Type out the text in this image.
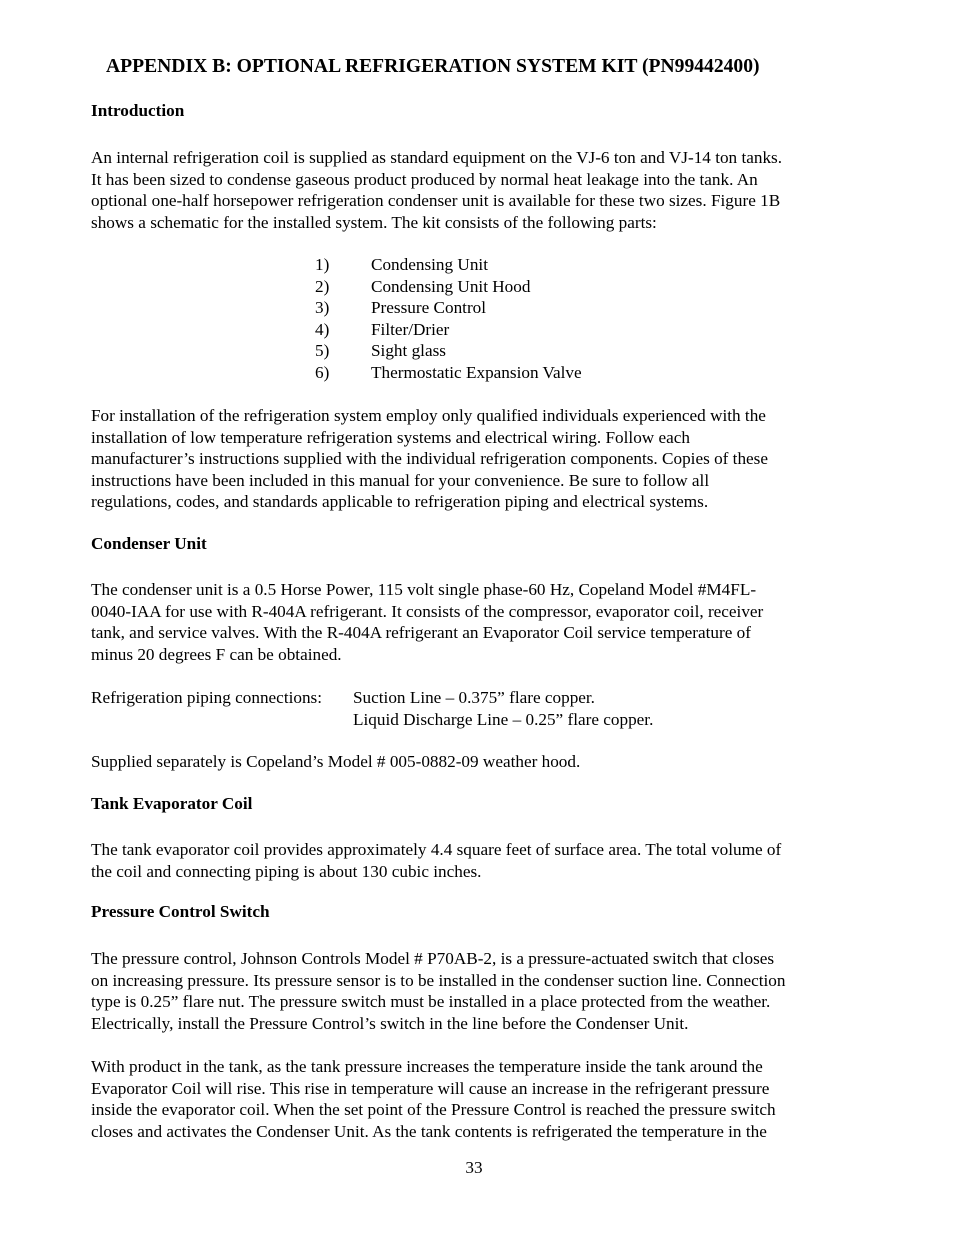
APPENDIX B: OPTIONAL REFRIGERATION SYSTEM KIT (PN99442400)
Introduction
An internal refrigeration coil is supplied as standard equipment on the VJ-6 ton and VJ-14 ton tanks.
It has been sized to condense gaseous product produced by normal heat leakage into the tank. An
optional one-half horsepower refrigeration condenser unit is available for these two sizes. Figure 1B
shows a schematic for the installed system. The kit consists of the following parts:
1)	Condensing Unit
2)	Condensing Unit Hood
3)	Pressure Control
4)	Filter/Drier
5)	Sight glass
6)	Thermostatic Expansion Valve
For installation of the refrigeration system employ only qualified individuals experienced with the
installation of low temperature refrigeration systems and electrical wiring. Follow each
manufacturer’s instructions supplied with the individual refrigeration components. Copies of these
instructions have been included in this manual for your convenience. Be sure to follow all
regulations, codes, and standards applicable to refrigeration piping and electrical systems.
Condenser Unit
The condenser unit is a 0.5 Horse Power, 115 volt single phase-60 Hz, Copeland Model #M4FL-
0040-IAA for use with R-404A refrigerant. It consists of the compressor, evaporator coil, receiver
tank, and service valves. With the R-404A refrigerant an Evaporator Coil service temperature of
minus 20 degrees F can be obtained.
Refrigeration piping connections:	Suction Line – 0.375” flare copper.
Liquid Discharge Line – 0.25” flare copper.
Supplied separately is Copeland’s Model # 005-0882-09 weather hood.
Tank Evaporator Coil
The tank evaporator coil provides approximately 4.4 square feet of surface area. The total volume of
the coil and connecting piping is about 130 cubic inches.
Pressure Control Switch
The pressure control, Johnson Controls Model # P70AB-2, is a pressure-actuated switch that closes
on increasing pressure. Its pressure sensor is to be installed in the condenser suction line. Connection
type is 0.25” flare nut. The pressure switch must be installed in a place protected from the weather.
Electrically, install the Pressure Control’s switch in the line before the Condenser Unit.
With product in the tank, as the tank pressure increases the temperature inside the tank around the
Evaporator Coil will rise. This rise in temperature will cause an increase in the refrigerant pressure
inside the evaporator coil. When the set point of the Pressure Control is reached the pressure switch
closes and activates the Condenser Unit. As the tank contents is refrigerated the temperature in the
33
